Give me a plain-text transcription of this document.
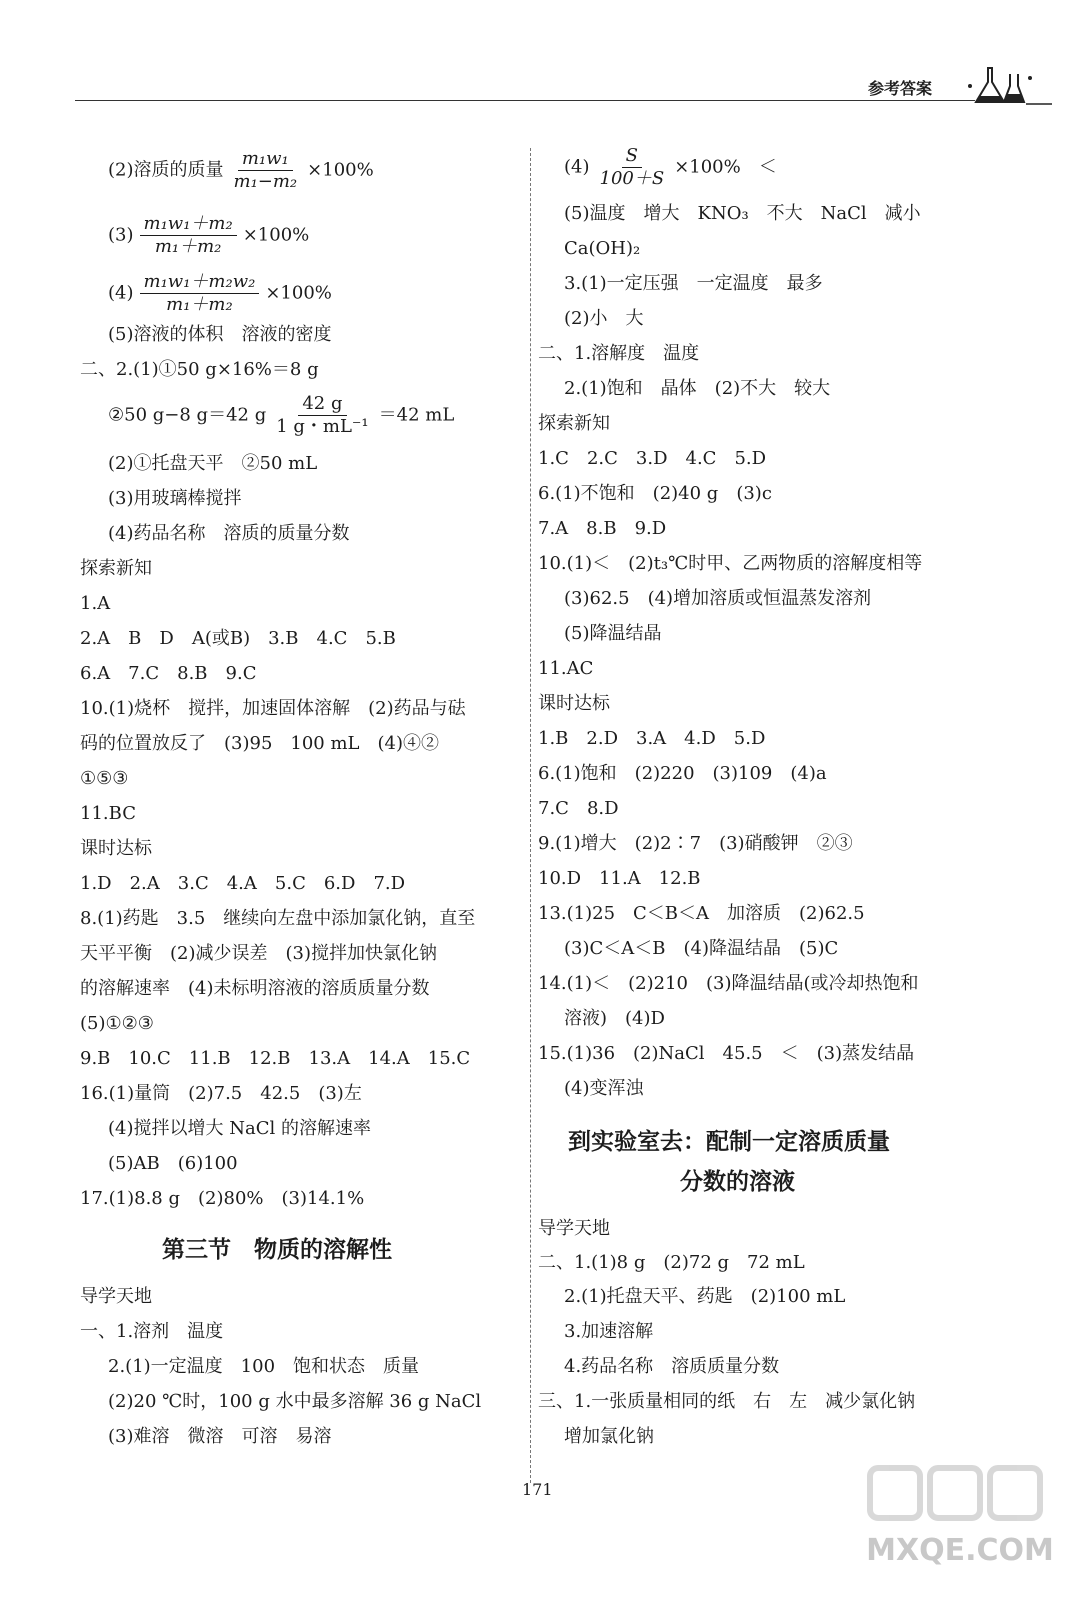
参考答案
(2)溶质的质量 $\frac{\text{m₁w₁}}{\text{m₁−m₂}} \times 100\%$
$(3) \frac{\text{m₁w₁＋m₂}}{\text{m₁＋m₂}} \times 100\%$
$(4) \frac{\text{m₁w₁＋m₂w₂}}{\text{m₁＋m₂}} \times 100\%$
(5)溶液的体积　溶液的密度
二、2.(1)①50 g×16%＝8 g
②50 g−8 g＝42 g $\frac{42 g}{\text{1 g・mL⁻¹}} =42$ mL
(2)①托盘天平　②50 mL
(3)用玻璃棒搅拌
(4)药品名称　溶质的质量分数
探索新知
1.A
2.A　B　D　A(或B)　3.B　4.C　5.B
6.A　7.C　8.B　9.C
10.(1)烧杯　搅拌，加速固体溶解　(2)药品与砝
码的位置放反了　(3)95　100 mL　(4)④②
①⑤③
11.BC
课时达标
1.D　2.A　3.C　4.A　5.C　6.D　7.D
8.(1)药匙　3.5　继续向左盘中添加氯化钠，直至
天平平衡　(2)减少误差　(3)搅拌加快氯化钠
的溶解速率　(4)未标明溶液的溶质质量分数
(5)①②③
9.B　10.C　11.B　12.B　13.A　14.A　15.C
16.(1)量筒　(2)7.5　42.5　(3)左
(4)搅拌以增大 NaCl 的溶解速率
(5)AB　(6)100
17.(1)8.8 g　(2)80%　(3)14.1%
第三节　物质的溶解性
导学天地
一、1.溶剂　温度
2.(1)一定温度　100　饱和状态　质量
(2)20 ℃时，100 g 水中最多溶解 36 g NaCl
(3)难溶　微溶　可溶　易溶
$(4) \frac{S}{100+S} \times 100\%$　＜
(5)温度　增大　KNO₃　不大　NaCl　减小
Ca(OH)₂
3.(1)一定压强　一定温度　最多
(2)小　大
二、1.溶解度　温度
2.(1)饱和　晶体　(2)不大　较大
探索新知
1.C　2.C　3.D　4.C　5.D
6.(1)不饱和　(2)40 g　(3)c
7.A　8.B　9.D
10.(1)＜　(2)t₃℃时甲、乙两物质的溶解度相等
(3)62.5　(4)增加溶质或恒温蒸发溶剂
(5)降温结晶
11.AC
课时达标
1.B　2.D　3.A　4.D　5.D
6.(1)饱和　(2)220　(3)109　(4)a
7.C　8.D
9.(1)增大　(2)2∶7　(3)硝酸钾　②③
10.D　11.A　12.B
13.(1)25　C＜B＜A　加溶质　(2)62.5
(3)C＜A＜B　(4)降温结晶　(5)C
14.(1)＜　(2)210　(3)降温结晶(或冷却热饱和
溶液)　(4)D
15.(1)36　(2)NaCl　45.5　＜　(3)蒸发结晶
(4)变浑浊
到实验室去：配制一定溶质质量
分数的溶液
导学天地
二、1.(1)8 g　(2)72 g　72 mL
2.(1)托盘天平、药匙　(2)100 mL
3.加速溶解
4.药品名称　溶质质量分数
三、1.一张质量相同的纸　右　左　减少氯化钠
增加氯化钠
171
MXQE.COM
